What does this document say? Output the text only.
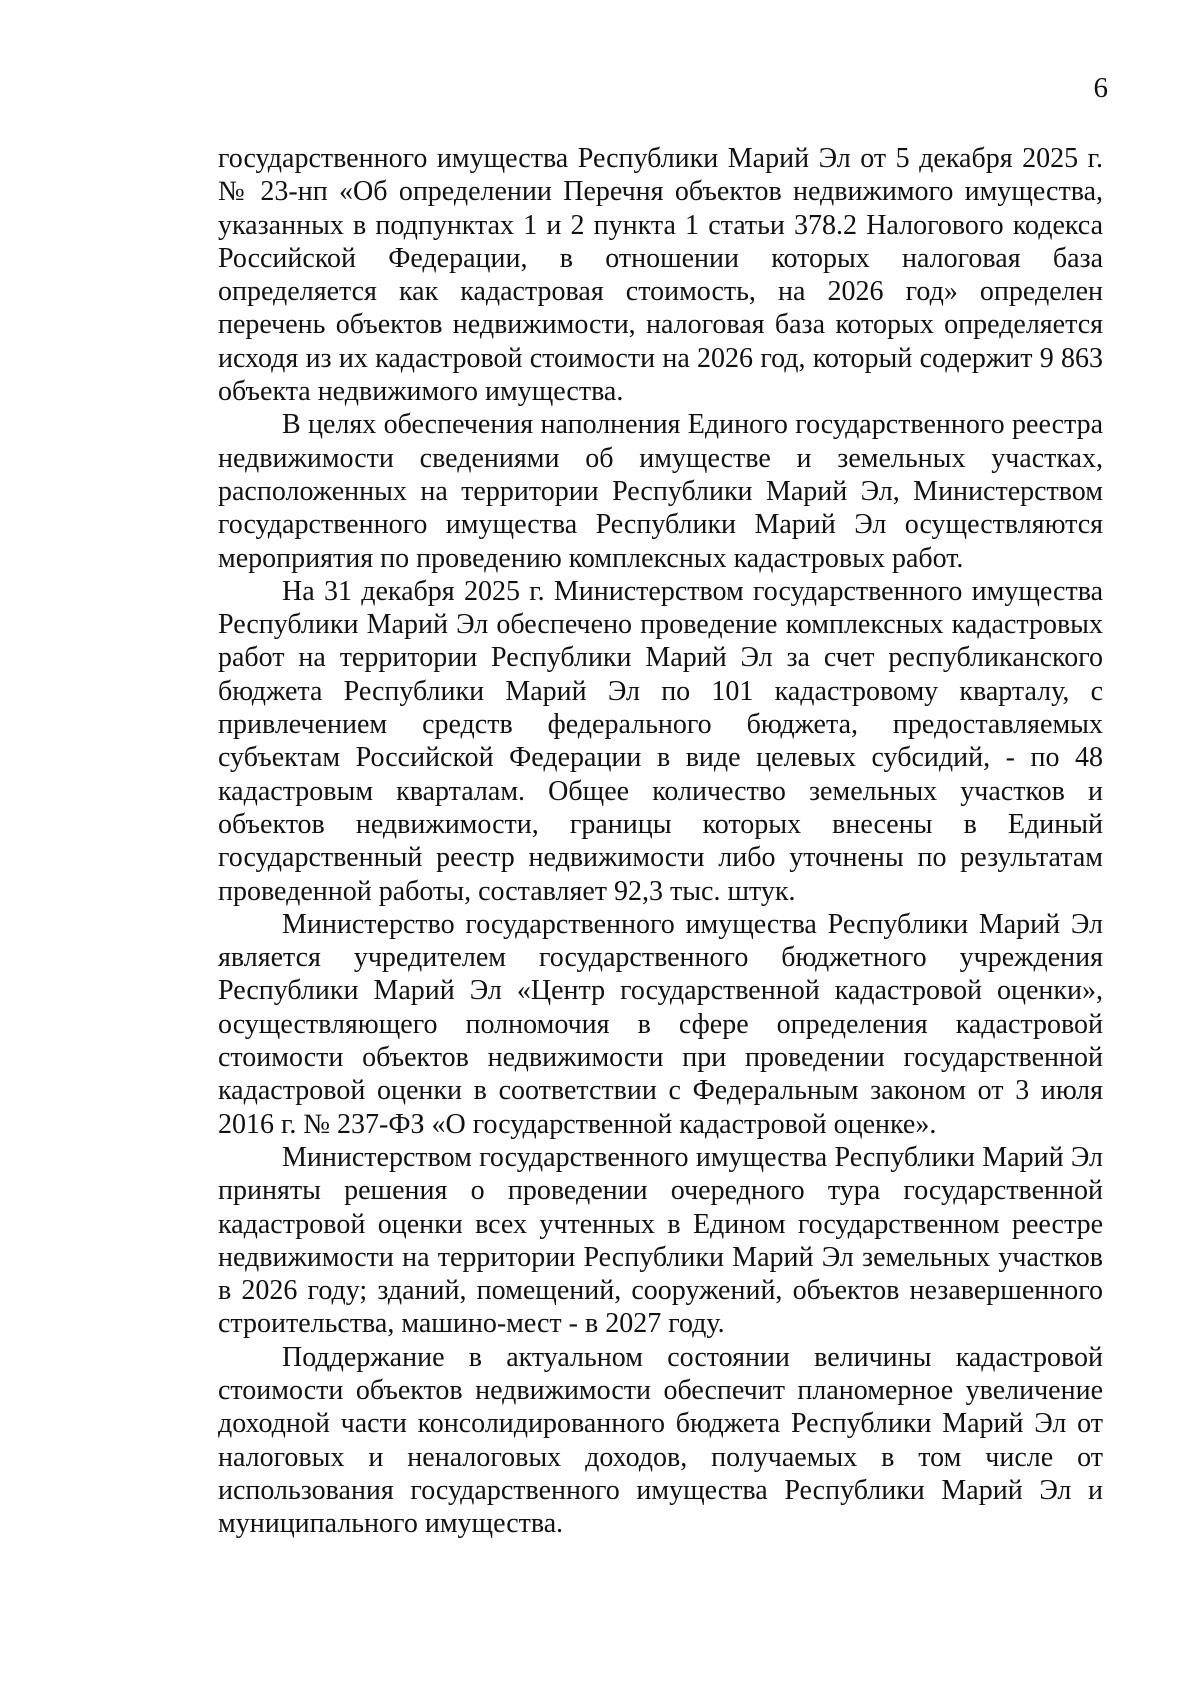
6

государственного имущества Республики Марий Эл от 5 декабря 2025 г. № 23-нп «Об определении Перечня объектов недвижимого имущества, указанных в подпунктах 1 и 2 пункта 1 статьи 378.2 Налогового кодекса Российской Федерации, в отношении которых налоговая база определяется как кадастровая стоимость, на 2026 год» определен перечень объектов недвижимости, налоговая база которых определяется исходя из их кадастровой стоимости на 2026 год, который содержит 9 863 объекта недвижимого имущества.

В целях обеспечения наполнения Единого государственного реестра недвижимости сведениями об имуществе и земельных участках, расположенных на территории Республики Марий Эл, Министерством государственного имущества Республики Марий Эл осуществляются мероприятия по проведению комплексных кадастровых работ.

На 31 декабря 2025 г. Министерством государственного имущества Республики Марий Эл обеспечено проведение комплексных кадастровых работ на территории Республики Марий Эл за счет республиканского бюджета Республики Марий Эл по 101 кадастровому кварталу, с привлечением средств федерального бюджета, предоставляемых субъектам Российской Федерации в виде целевых субсидий, - по 48 кадастровым кварталам. Общее количество земельных участков и объектов недвижимости, границы которых внесены в Единый государственный реестр недвижимости либо уточнены по результатам проведенной работы, составляет 92,3 тыс. штук.

Министерство государственного имущества Республики Марий Эл является учредителем государственного бюджетного учреждения Республики Марий Эл «Центр государственной кадастровой оценки», осуществляющего полномочия в сфере определения кадастровой стоимости объектов недвижимости при проведении государственной кадастровой оценки в соответствии с Федеральным законом от 3 июля 2016 г. № 237-ФЗ «О государственной кадастровой оценке».

Министерством государственного имущества Республики Марий Эл приняты решения о проведении очередного тура государственной кадастровой оценки всех учтенных в Едином государственном реестре недвижимости на территории Республики Марий Эл земельных участков в 2026 году; зданий, помещений, сооружений, объектов незавершенного строительства, машино-мест - в 2027 году.

Поддержание в актуальном состоянии величины кадастровой стоимости объектов недвижимости обеспечит планомерное увеличение доходной части консолидированного бюджета Республики Марий Эл от налоговых и неналоговых доходов, получаемых в том числе от использования государственного имущества Республики Марий Эл и муниципального имущества.
